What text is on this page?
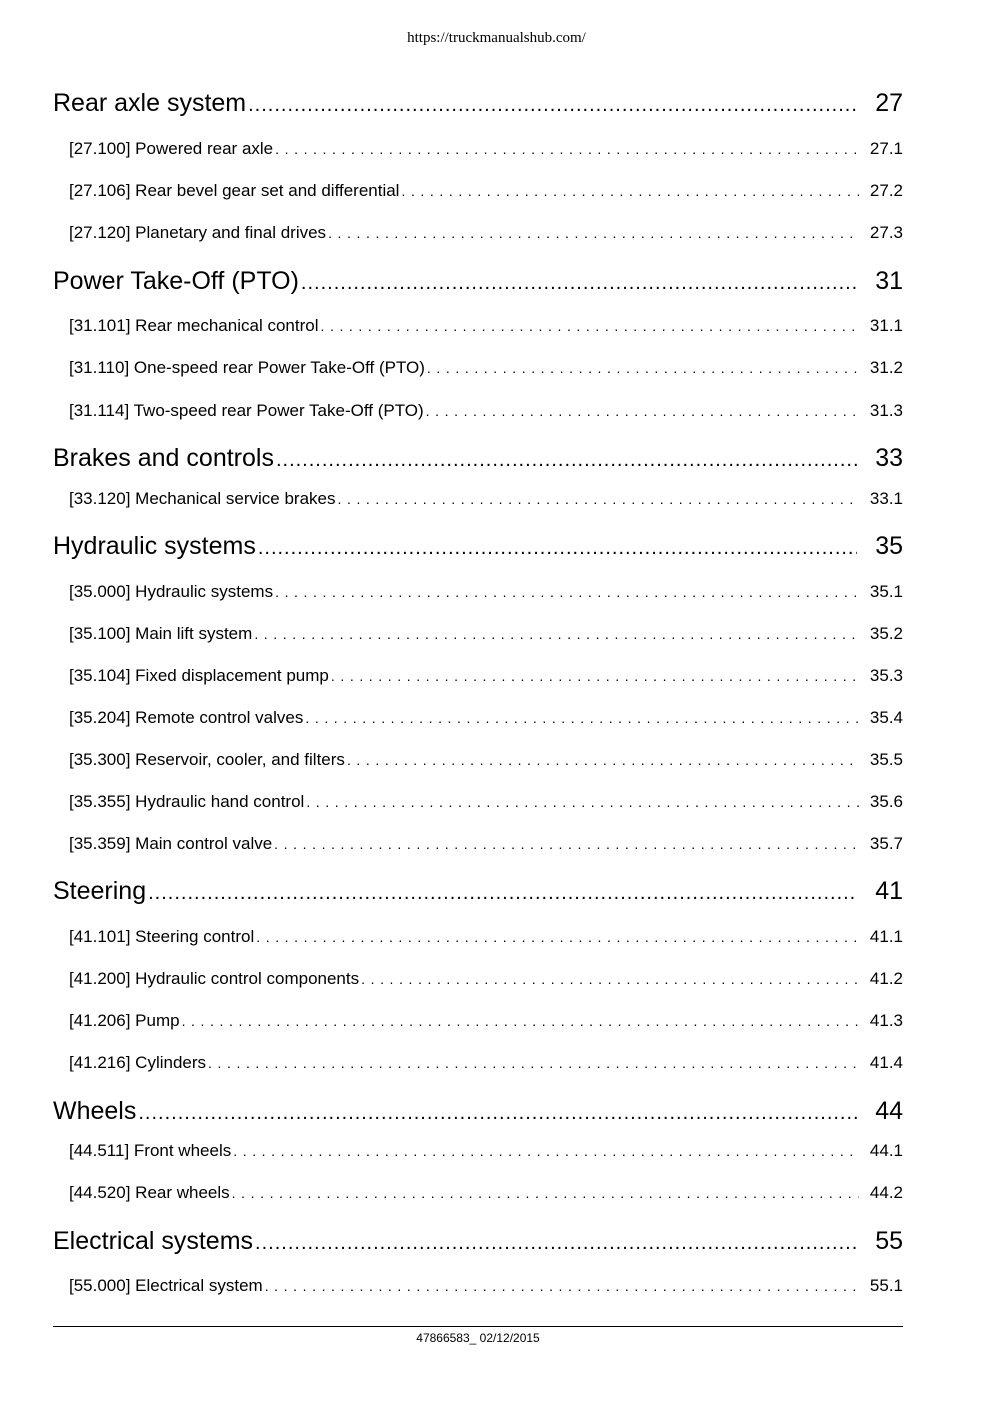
https://truckmanualshub.com/
Rear axle system .....	27
[27.100] Powered rear axle . . .	27.1
[27.106] Rear bevel gear set and differential . . .	27.2
[27.120] Planetary and final drives . . .	27.3
Power Take-Off (PTO) .....	31
[31.101] Rear mechanical control . . .	31.1
[31.110] One-speed rear Power Take-Off (PTO) . . .	31.2
[31.114] Two-speed rear Power Take-Off (PTO) . . .	31.3
Brakes and controls .....	33
[33.120] Mechanical service brakes . . .	33.1
Hydraulic systems .....	35
[35.000] Hydraulic systems . . .	35.1
[35.100] Main lift system . . .	35.2
[35.104] Fixed displacement pump . . .	35.3
[35.204] Remote control valves . . .	35.4
[35.300] Reservoir, cooler, and filters . . .	35.5
[35.355] Hydraulic hand control . . .	35.6
[35.359] Main control valve . . .	35.7
Steering .....	41
[41.101] Steering control . . .	41.1
[41.200] Hydraulic control components . . .	41.2
[41.206] Pump . . .	41.3
[41.216] Cylinders . . .	41.4
Wheels .....	44
[44.511] Front wheels . . .	44.1
[44.520] Rear wheels . . .	44.2
Electrical systems .....	55
[55.000] Electrical system . . .	55.1
47866583_ 02/12/2015
